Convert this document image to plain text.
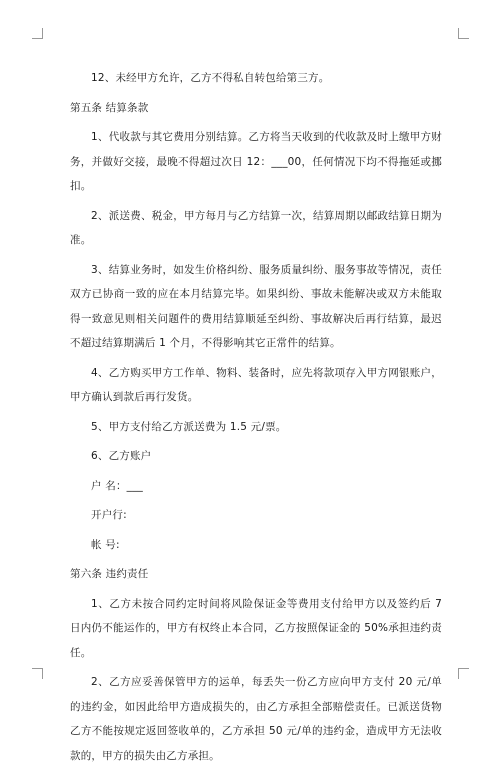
12、未经甲方允许，乙方不得私自转包给第三方。

第五条 结算条款

1、代收款与其它费用分别结算。乙方将当天收到的代收款及时上缴甲方财务，并做好交接，最晚不得超过次日 12：___00，任何情况下均不得拖延或挪扣。

2、派送费、税金，甲方每月与乙方结算一次，结算周期以邮政结算日期为准。

3、结算业务时，如发生价格纠纷、服务质量纠纷、服务事故等情况，责任双方已协商一致的应在本月结算完毕。如果纠纷、事故未能解决或双方未能取得一致意见则相关问题件的费用结算顺延至纠纷、事故解决后再行结算，最迟不超过结算期满后 1 个月，不得影响其它正常件的结算。

4、乙方购买甲方工作单、物料、装备时，应先将款项存入甲方网银账户，甲方确认到款后再行发货。

5、甲方支付给乙方派送费为 1.5 元/票。

6、乙方账户

户 名：___

开户行:

帐 号:

第六条 违约责任

1、乙方未按合同约定时间将风险保证金等费用支付给甲方以及签约后 7 日内仍不能运作的，甲方有权终止本合同，乙方按照保证金的 50%承担违约责任。

2、乙方应妥善保管甲方的运单，每丢失一份乙方应向甲方支付 20 元/单的违约金，如因此给甲方造成损失的，由乙方承担全部赔偿责任。已派送货物乙方不能按规定返回签收单的，乙方承担 50 元/单的违约金，造成甲方无法收款的，甲方的损失由乙方承担。
